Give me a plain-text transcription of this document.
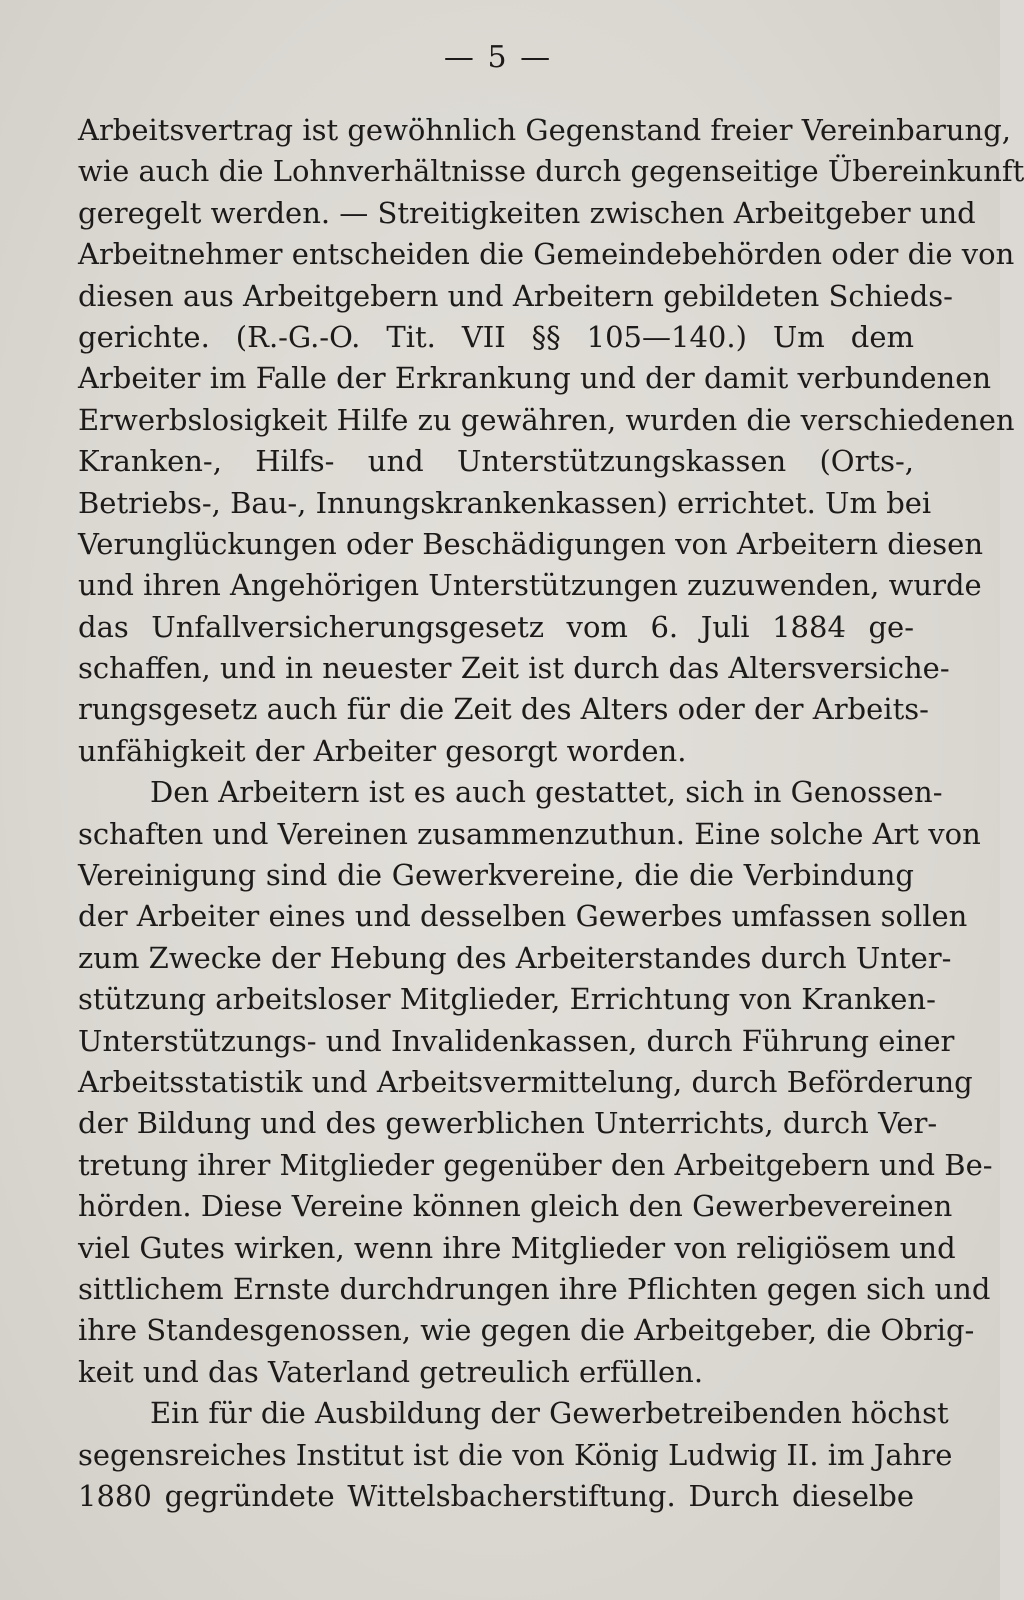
— 5 —
Arbeitsvertrag ist gewöhnlich Gegenstand freier Vereinbarung,
wie auch die Lohnverhältnisse durch gegenseitige Übereinkunft
geregelt werden. — Streitigkeiten zwischen Arbeitgeber und
Arbeitnehmer entscheiden die Gemeindebehörden oder die von
diesen aus Arbeitgebern und Arbeitern gebildeten Schieds-
gerichte. (R.-G.-O. Tit. VII §§ 105—140.) Um dem
Arbeiter im Falle der Erkrankung und der damit verbundenen
Erwerbslosigkeit Hilfe zu gewähren, wurden die verschiedenen
Kranken-, Hilfs- und Unterstützungskassen (Orts-,
Betriebs-, Bau-, Innungskrankenkassen) errichtet. Um bei
Verunglückungen oder Beschädigungen von Arbeitern diesen
und ihren Angehörigen Unterstützungen zuzuwenden, wurde
das Unfallversicherungsgesetz vom 6. Juli 1884 ge-
schaffen, und in neuester Zeit ist durch das Altersversiche-
rungsgesetz auch für die Zeit des Alters oder der Arbeits-
unfähigkeit der Arbeiter gesorgt worden.
Den Arbeitern ist es auch gestattet, sich in Genossen-
schaften und Vereinen zusammenzuthun. Eine solche Art von
Vereinigung sind die Gewerkvereine, die die Verbindung
der Arbeiter eines und desselben Gewerbes umfassen sollen
zum Zwecke der Hebung des Arbeiterstandes durch Unter-
stützung arbeitsloser Mitglieder, Errichtung von Kranken-
Unterstützungs- und Invalidenkassen, durch Führung einer
Arbeitsstatistik und Arbeitsvermittelung, durch Beförderung
der Bildung und des gewerblichen Unterrichts, durch Ver-
tretung ihrer Mitglieder gegenüber den Arbeitgebern und Be-
hörden. Diese Vereine können gleich den Gewerbevereinen
viel Gutes wirken, wenn ihre Mitglieder von religiösem und
sittlichem Ernste durchdrungen ihre Pflichten gegen sich und
ihre Standesgenossen, wie gegen die Arbeitgeber, die Obrig-
keit und das Vaterland getreulich erfüllen.
Ein für die Ausbildung der Gewerbetreibenden höchst
segensreiches Institut ist die von König Ludwig II. im Jahre
1880 gegründete Wittelsbacherstiftung. Durch dieselbe
